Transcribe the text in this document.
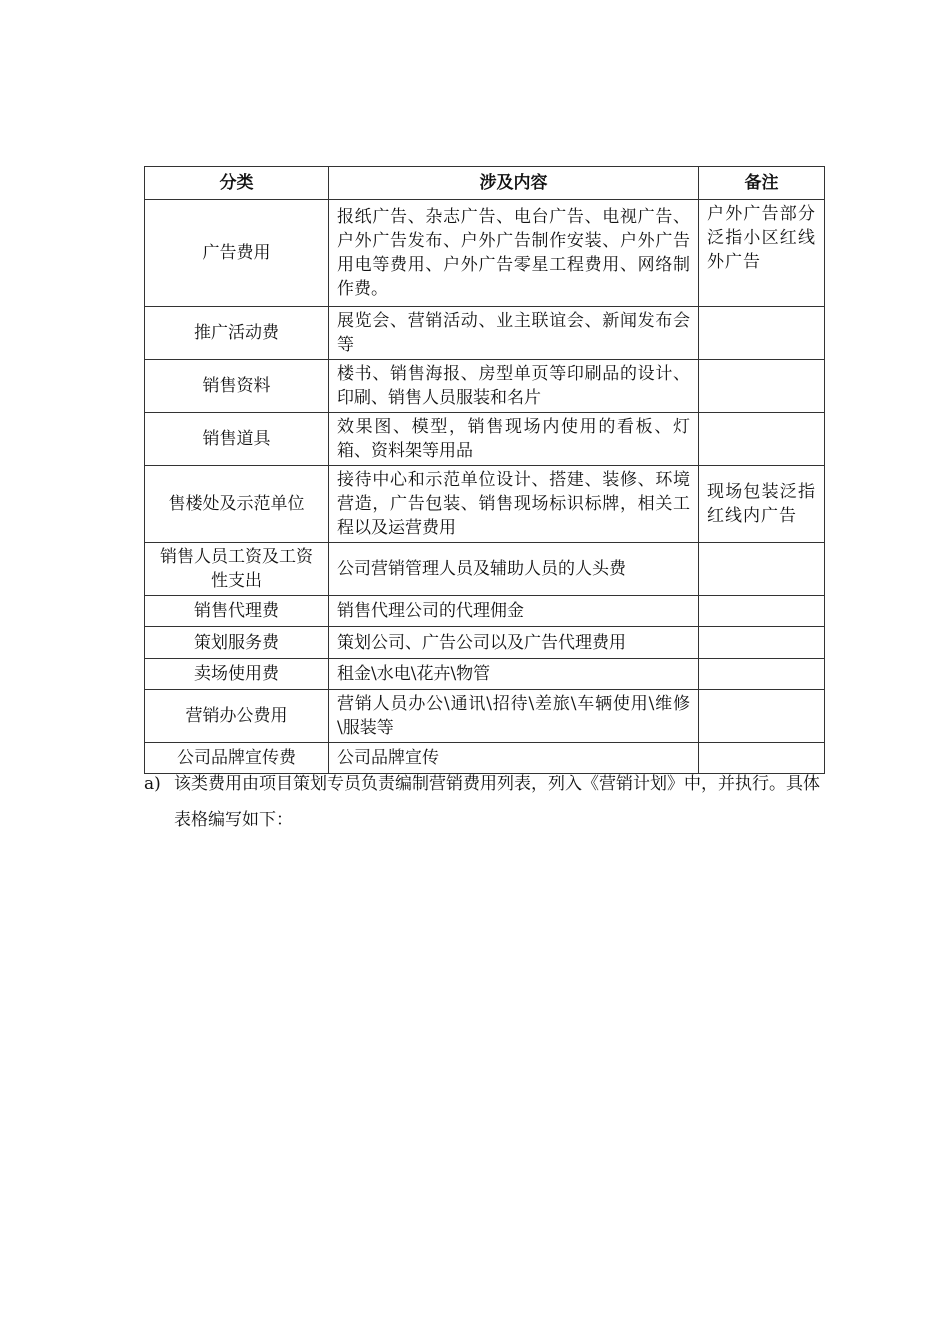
分类	涉及内容	备注
广告费用	报纸广告、杂志广告、电台广告、电视广告、户外广告发布、户外广告制作安装、户外广告用电等费用、户外广告零星工程费用、网络制作费。	户外广告部分泛指小区红线外广告
推广活动费	展览会、营销活动、业主联谊会、新闻发布会等	
销售资料	楼书、销售海报、房型单页等印刷品的设计、印刷、销售人员服装和名片	
销售道具	效果图、模型，销售现场内使用的看板、灯箱、资料架等用品	
售楼处及示范单位	接待中心和示范单位设计、搭建、装修、环境营造，广告包装、销售现场标识标牌，相关工程以及运营费用	现场包装泛指红线内广告
销售人员工资及工资性支出	公司营销管理人员及辅助人员的人头费	
销售代理费	销售代理公司的代理佣金	
策划服务费	策划公司、广告公司以及广告代理费用	
卖场使用费	租金\水电\花卉\物管	
营销办公费用	营销人员办公\通讯\招待\差旅\车辆使用\维修\服装等	
公司品牌宣传费	公司品牌宣传	
a) 该类费用由项目策划专员负责编制营销费用列表，列入《营销计划》中，并执行。具体表格编写如下：
